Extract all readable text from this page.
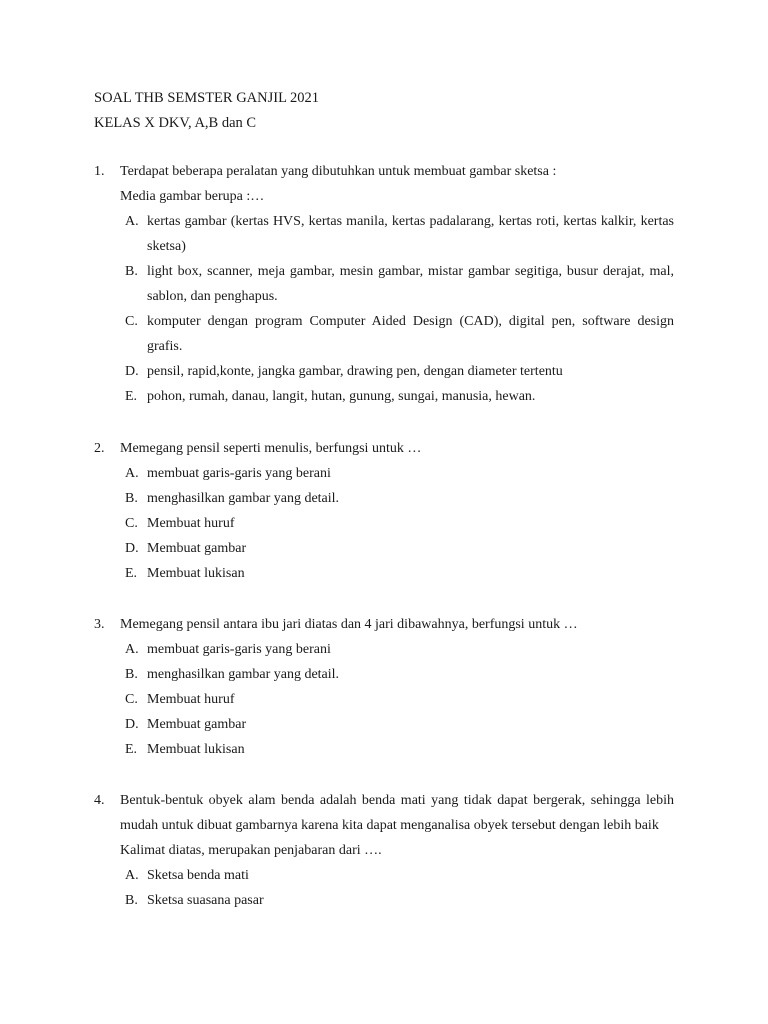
SOAL THB SEMSTER GANJIL 2021
KELAS X DKV, A,B dan C
1. Terdapat beberapa peralatan yang dibutuhkan untuk membuat gambar sketsa :
Media gambar berupa :…
A. kertas gambar (kertas HVS, kertas manila, kertas padalarang, kertas roti, kertas kalkir, kertas sketsa)
B. light box, scanner, meja gambar, mesin gambar, mistar gambar segitiga, busur derajat, mal, sablon, dan penghapus.
C. komputer dengan program Computer Aided Design (CAD), digital pen, software design grafis.
D. pensil, rapid,konte, jangka gambar, drawing pen, dengan diameter tertentu
E. pohon, rumah, danau, langit, hutan, gunung, sungai, manusia, hewan.
2. Memegang pensil seperti menulis, berfungsi untuk …
A. membuat garis-garis yang berani
B. menghasilkan gambar yang detail.
C. Membuat huruf
D. Membuat gambar
E. Membuat lukisan
3. Memegang pensil antara ibu jari diatas dan 4 jari dibawahnya, berfungsi untuk …
A. membuat garis-garis yang berani
B. menghasilkan gambar yang detail.
C. Membuat huruf
D. Membuat gambar
E. Membuat lukisan
4. Bentuk-bentuk obyek alam benda adalah benda mati yang tidak dapat bergerak, sehingga lebih mudah untuk dibuat gambarnya karena kita dapat menganalisa obyek tersebut dengan lebih baik
Kalimat diatas, merupakan penjabaran dari ….
A. Sketsa benda mati
B. Sketsa suasana pasar
